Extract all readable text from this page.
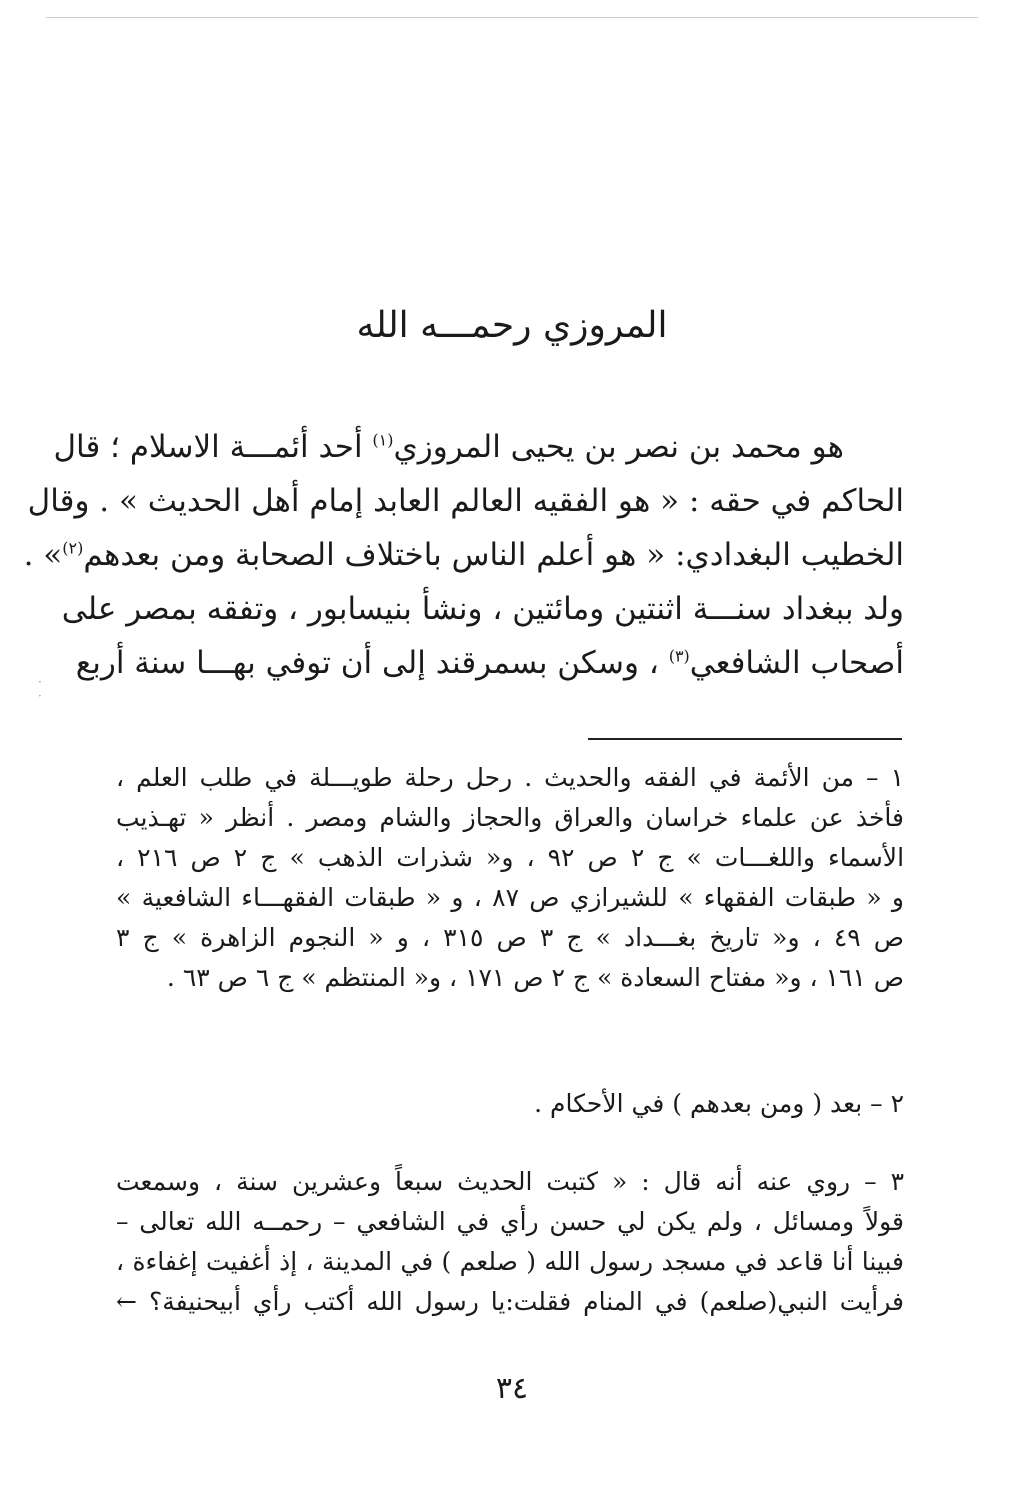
المروزي رحمـــه الله
هو محمد بن نصر بن يحيى المروزي$^{(١)}$ أحد أئمـــة الاسلام ؛ قال
الحاكم في حقه : « هو الفقيه العالم العابد إمام أهل الحديث » . وقال
الخطيب البغدادي: « هو أعلم الناس باختلاف الصحابة ومن بعدهم$^{(٢)}$» .
ولد ببغداد سنـــة اثنتين ومائتين ، ونشأ بنيسابور ، وتفقه بمصر على
أصحاب الشافعي$^{(٣)}$ ، وسكن بسمرقند إلى أن توفي بهـــا سنة أربع
١ – من الأئمة في الفقه والحديث . رحل رحلة طويـــلة في طلب العلم ،
فأخذ عن علماء خراسان والعراق والحجاز والشام ومصر . أنظر « تهـذيب
الأسماء واللغـــات » ج ٢ ص ٩٢ ، و« شذرات الذهب » ج ٢ ص ٢١٦ ،
و « طبقات الفقهاء » للشيرازي ص ٨٧ ، و « طبقات الفقهـــاء الشافعية »
ص ٤٩ ، و« تاريخ بغـــداد » ج ٣ ص ٣١٥ ، و « النجوم الزاهرة » ج ٣
ص ١٦١ ، و« مفتاح السعادة » ج ٢ ص ١٧١ ، و« المنتظم » ج ٦ ص ٦٣ .
٢ – بعد ( ومن بعدهم ) في الأحكام .
٣ – روي عنه أنه قال : « كتبت الحديث سبعاً وعشرين سنة ، وسمعت
قولاً ومسائل ، ولم يكن لي حسن رأي في الشافعي – رحمــه الله تعالى –
فبينا أنا قاعد في مسجد رسول الله ( صلعم ) في المدينة ، إذ أغفيت إغفاءة ،
فرأيت النبي(صلعم) في المنام فقلت:يا رسول الله أكتب رأي أبيحنيفة؟ ←
٣٤
·
·
